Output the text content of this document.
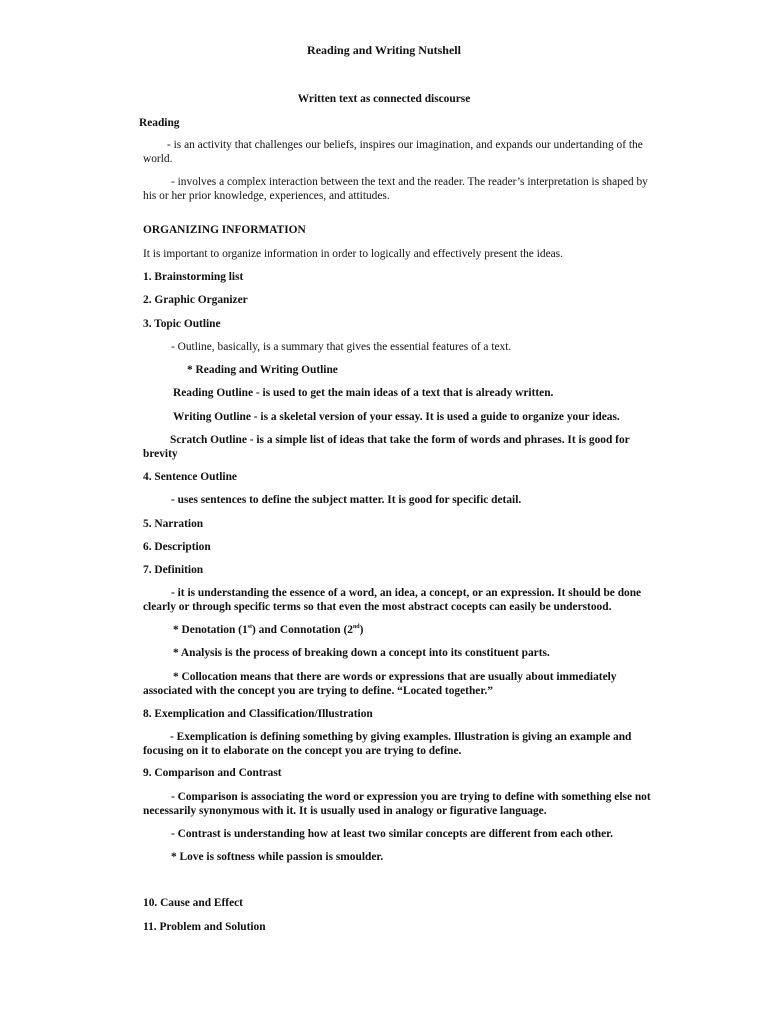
Reading and Writing Nutshell

Written text as connected discourse

Reading

- is an activity that challenges our beliefs, inspires our imagination, and expands our undertanding of the world.

- involves a complex interaction between the text and the reader. The reader’s interpretation is shaped by his or her prior knowledge, experiences, and attitudes.

ORGANIZING INFORMATION

It is important to organize information in order to logically and effectively present the ideas.

1. Brainstorming list

2. Graphic Organizer

3. Topic Outline

- Outline, basically, is a summary that gives the essential features of a text.

* Reading and Writing Outline

Reading Outline - is used to get the main ideas of a text that is already written.

Writing Outline - is a skeletal version of your essay. It is used a guide to organize your ideas.

Scratch Outline - is a simple list of ideas that take the form of words and phrases. It is good for brevity

4. Sentence Outline

- uses sentences to define the subject matter. It is good for specific detail.

5. Narration

6. Description

7. Definition

- it is understanding the essence of a word, an idea, a concept, or an expression. It should be done clearly or through specific terms so that even the most abstract cocepts can easily be understood.

* Denotation (1st) and Connotation (2nd)

* Analysis is the process of breaking down a concept into its constituent parts.

* Collocation means that there are words or expressions that are usually about immediately associated with the concept you are trying to define. “Located together.”

8. Exemplication and Classification/Illustration

- Exemplication is defining something by giving examples. Illustration is giving an example and focusing on it to elaborate on the concept you are trying to define.

9. Comparison and Contrast

- Comparison is associating the word or expression you are trying to define with something else not necessarily synonymous with it. It is usually used in analogy or figurative language.

- Contrast is understanding how at least two similar concepts are different from each other.

* Love is softness while passion is smoulder.

10. Cause and Effect

11. Problem and Solution
